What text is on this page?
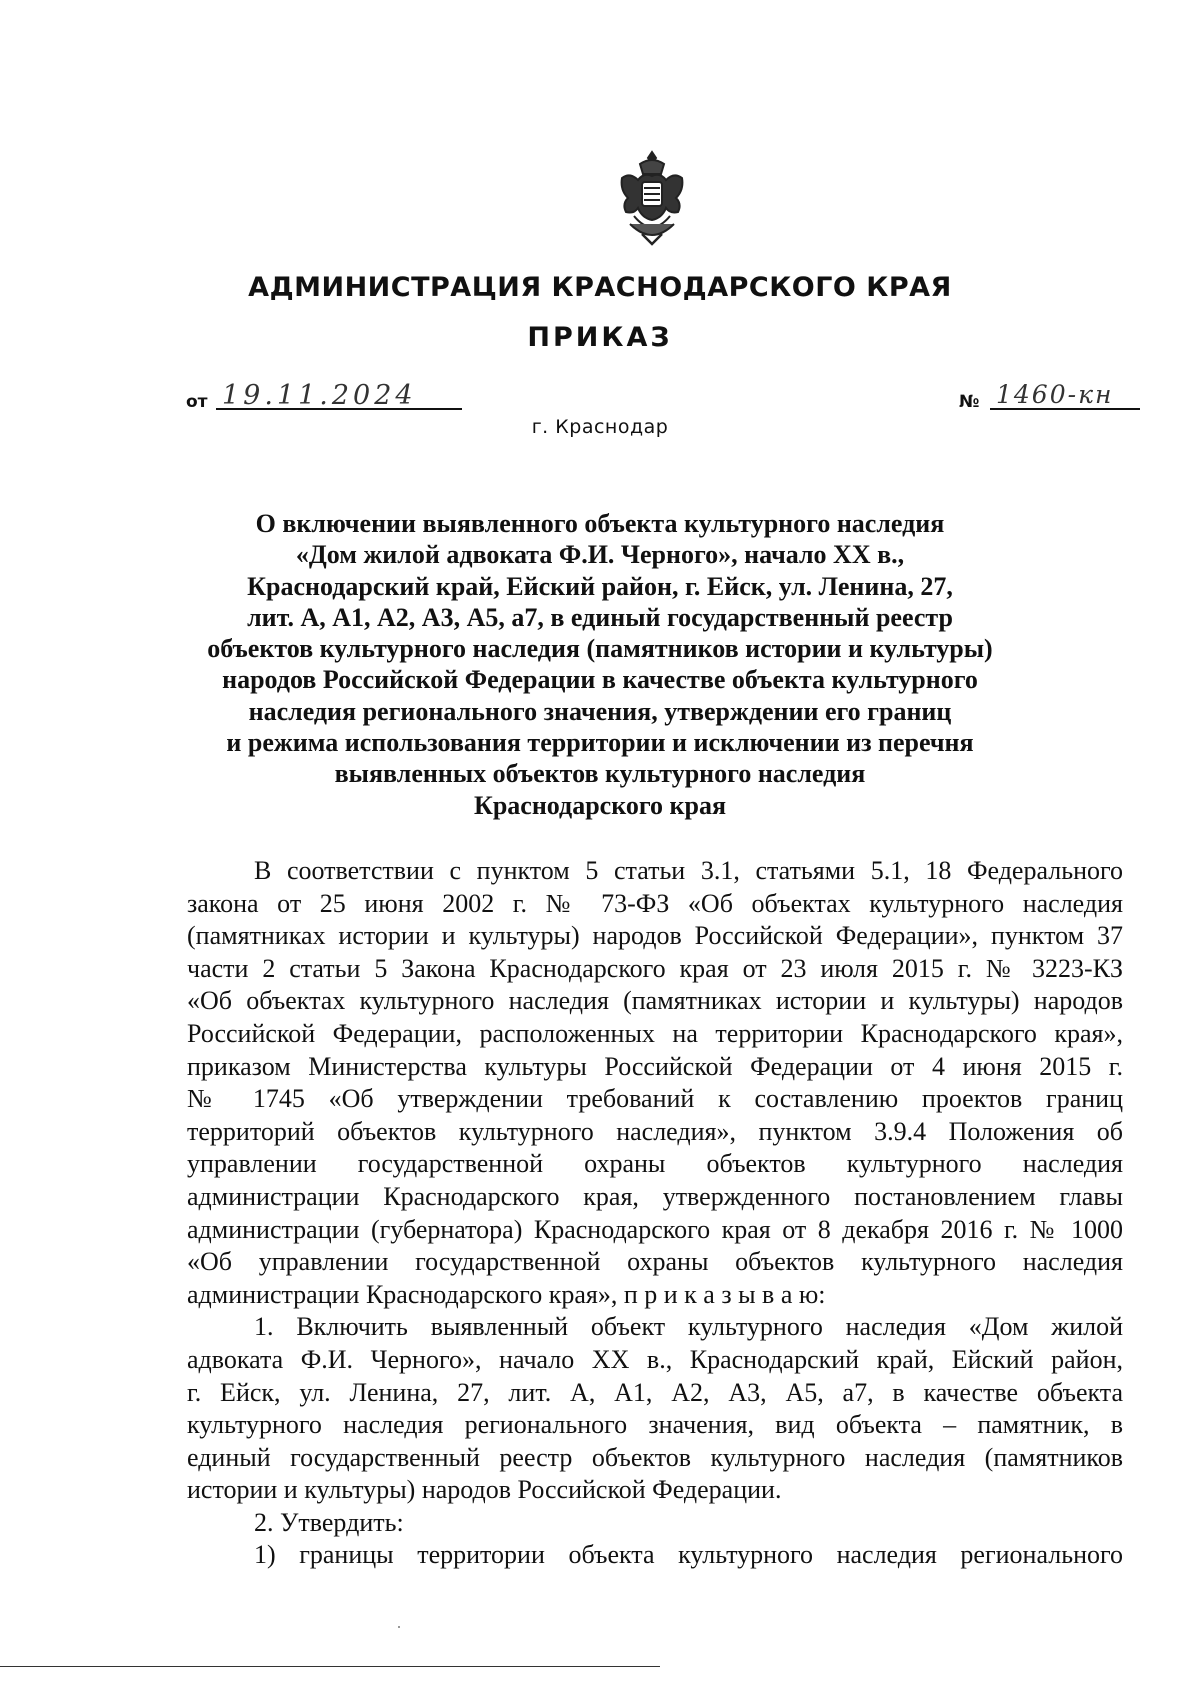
АДМИНИСТРАЦИЯ КРАСНОДАРСКОГО КРАЯ
ПРИКАЗ
от 19.11.2024	№ 1460-кн
г. Краснодар
О включении выявленного объекта культурного наследия
«Дом жилой адвоката Ф.И. Черного», начало XX в.,
Краснодарский край, Ейский район, г. Ейск, ул. Ленина, 27,
лит. А, А1, А2, А3, А5, а7, в единый государственный реестр
объектов культурного наследия (памятников истории и культуры)
народов Российской Федерации в качестве объекта культурного
наследия регионального значения, утверждении его границ
и режима использования территории и исключении из перечня
выявленных объектов культурного наследия
Краснодарского края
В соответствии с пунктом 5 статьи 3.1, статьями 5.1, 18 Федерального
закона от 25 июня 2002 г. № 73-ФЗ «Об объектах культурного наследия
(памятниках истории и культуры) народов Российской Федерации», пунктом 37
части 2 статьи 5 Закона Краснодарского края от 23 июля 2015 г. № 3223-КЗ
«Об объектах культурного наследия (памятниках истории и культуры) народов
Российской Федерации, расположенных на территории Краснодарского края»,
приказом Министерства культуры Российской Федерации от 4 июня 2015 г.
№ 1745 «Об утверждении требований к составлению проектов границ
территорий объектов культурного наследия», пунктом 3.9.4 Положения об
управлении государственной охраны объектов культурного наследия
администрации Краснодарского края, утвержденного постановлением главы
администрации (губернатора) Краснодарского края от 8 декабря 2016 г. № 1000
«Об управлении государственной охраны объектов культурного наследия
администрации Краснодарского края», п р и к а з ы в а ю:
1. Включить выявленный объект культурного наследия «Дом жилой
адвоката Ф.И. Черного», начало XX в., Краснодарский край, Ейский район,
г. Ейск, ул. Ленина, 27, лит. А, А1, А2, А3, А5, а7, в качестве объекта
культурного наследия регионального значения, вид объекта – памятник, в
единый государственный реестр объектов культурного наследия (памятников
истории и культуры) народов Российской Федерации.
2. Утвердить:
1) границы территории объекта культурного наследия регионального
